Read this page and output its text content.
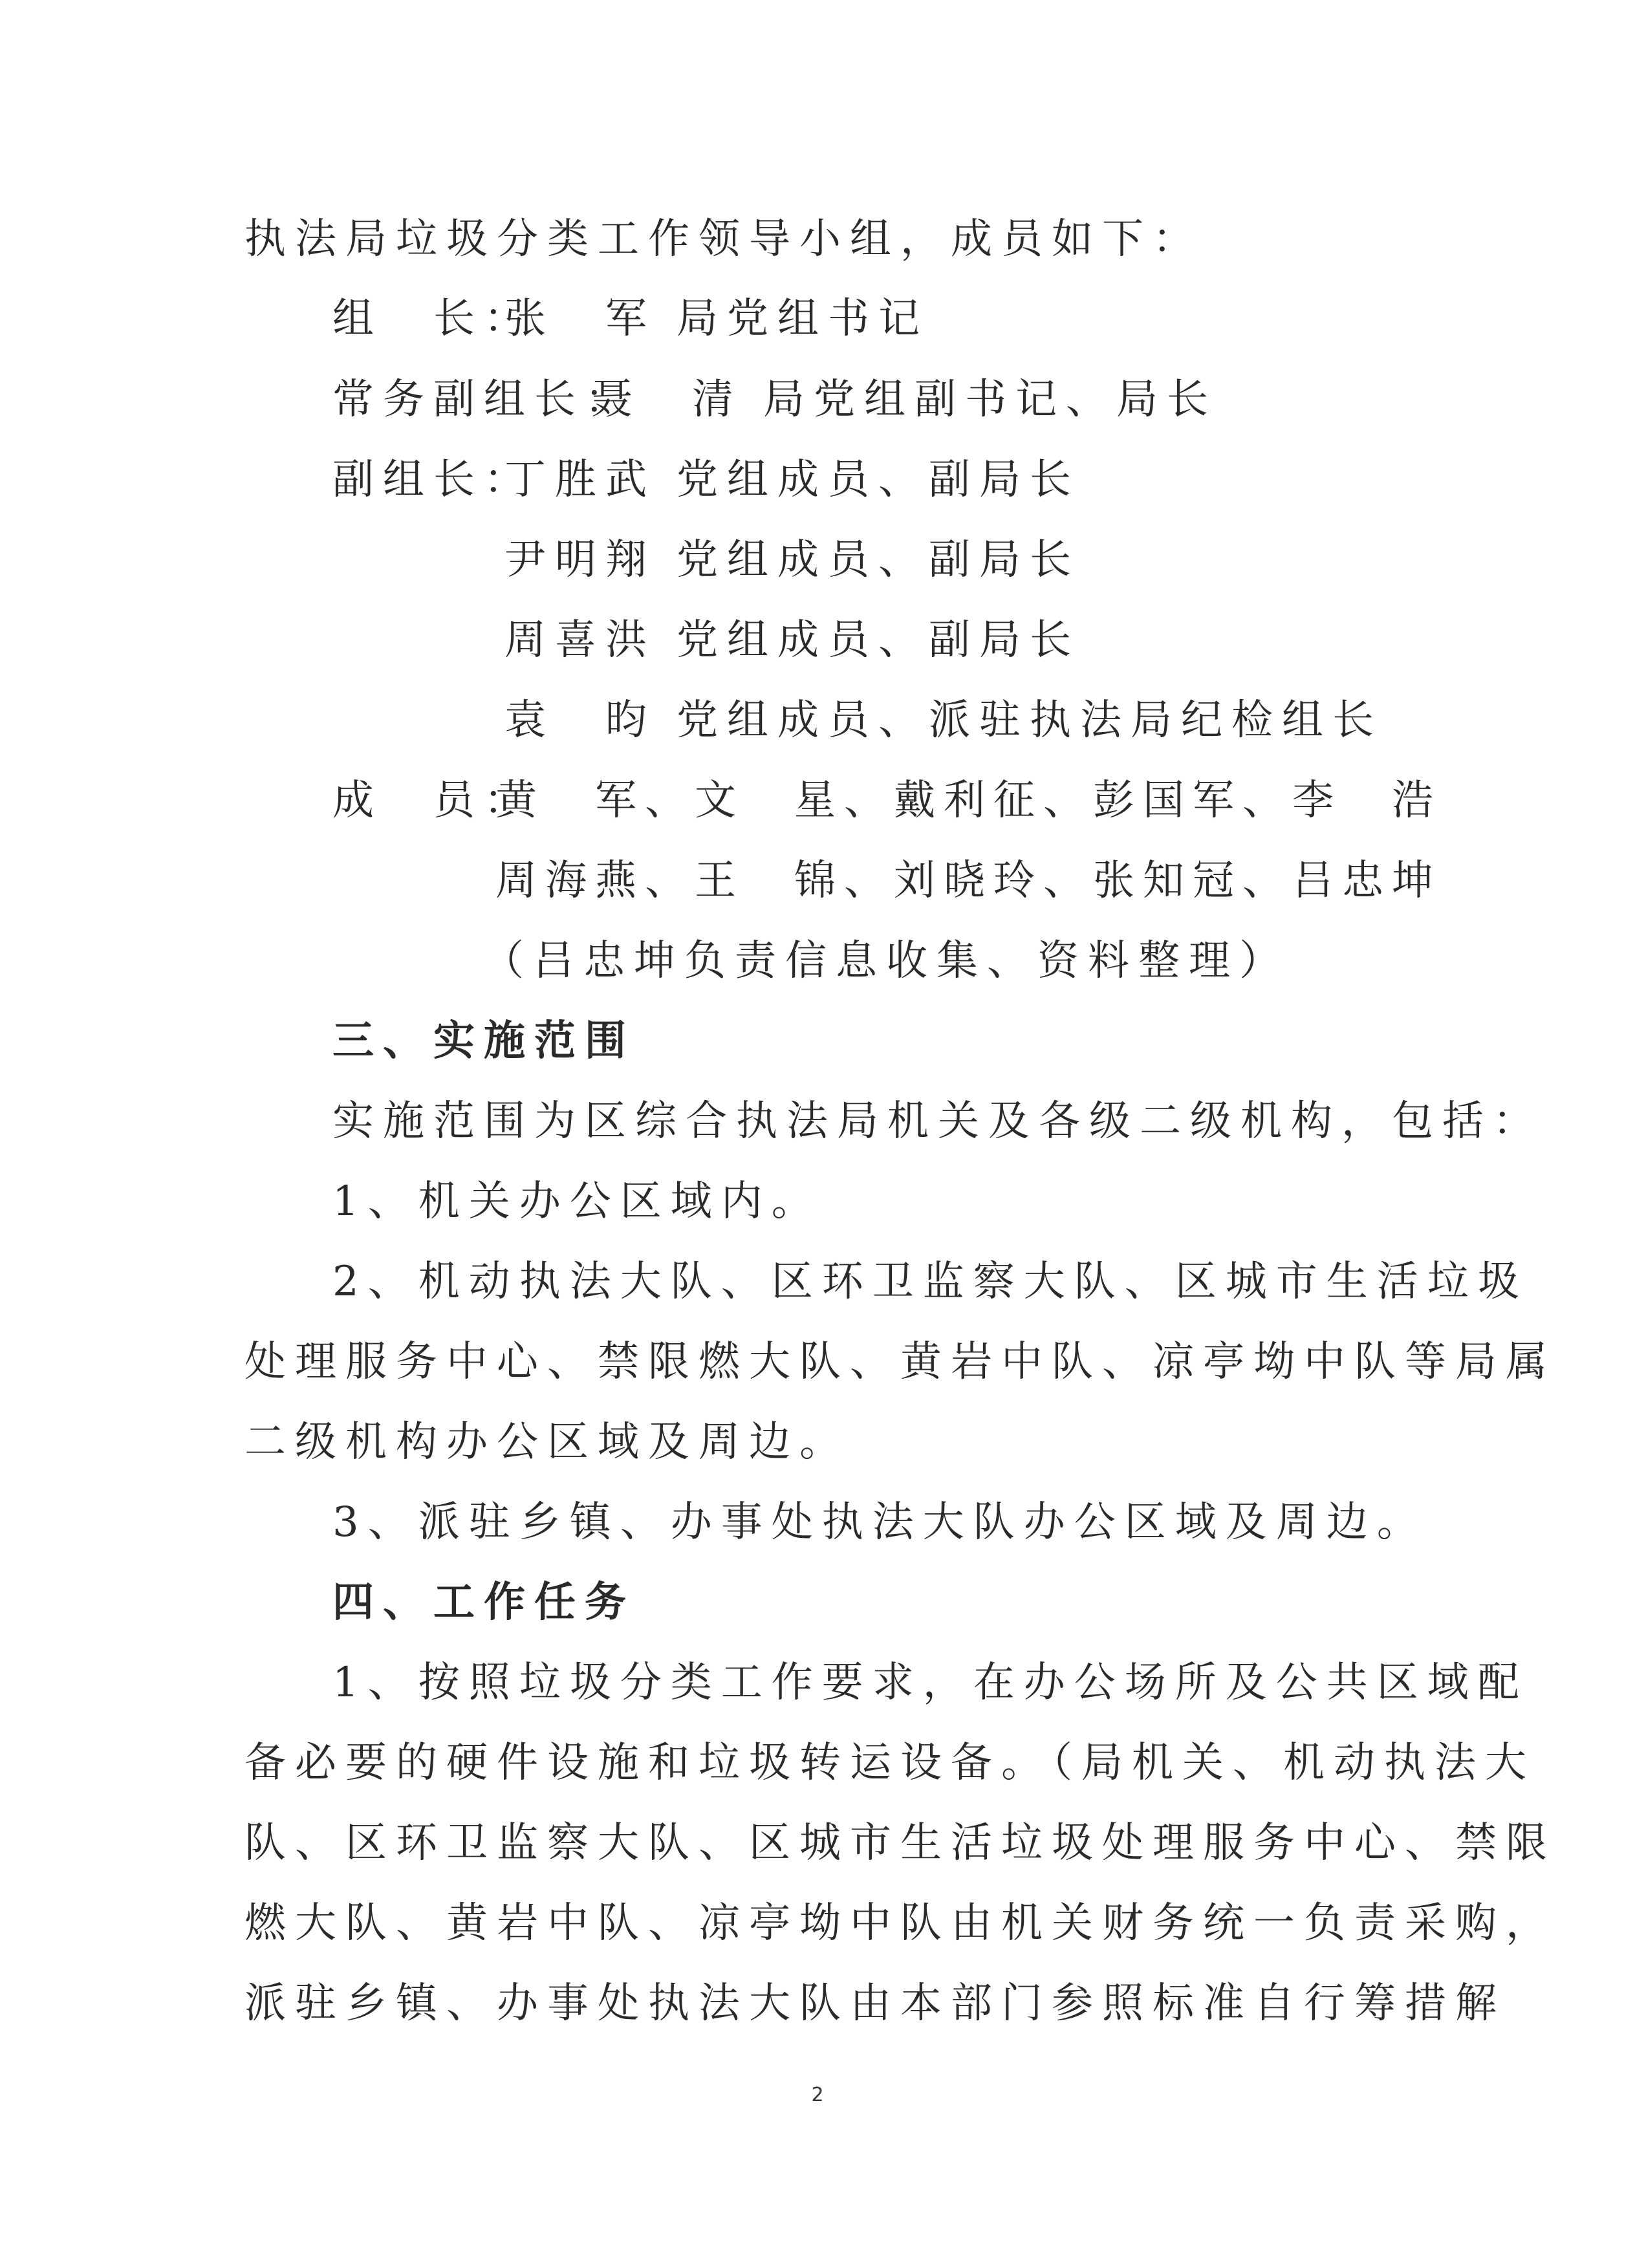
执法局垃圾分类工作领导小组，成员如下：
组　长：
张　军 局党组书记
常务副组长：
聂　清 局党组副书记、局长
副组长：
丁胜武 党组成员、副局长
尹明翔 党组成员、副局长
周喜洪 党组成员、副局长
袁　昀 党组成员、派驻执法局纪检组长
成　员：
黄　军、文　星、戴利征、彭国军、李　浩
周海燕、王　锦、刘晓玲、张知冠、吕忠坤
（吕忠坤负责信息收集、资料整理）
三、实施范围
实施范围为区综合执法局机关及各级二级机构，包括：
1、机关办公区域内。
2、机动执法大队、区环卫监察大队、区城市生活垃圾
处理服务中心、禁限燃大队、黄岩中队、凉亭坳中队等局属
二级机构办公区域及周边。
3、派驻乡镇、办事处执法大队办公区域及周边。
四、工作任务
1、按照垃圾分类工作要求，在办公场所及公共区域配
备必要的硬件设施和垃圾转运设备。（局机关、机动执法大
队、区环卫监察大队、区城市生活垃圾处理服务中心、禁限
燃大队、黄岩中队、凉亭坳中队由机关财务统一负责采购，
派驻乡镇、办事处执法大队由本部门参照标准自行筹措解
2
